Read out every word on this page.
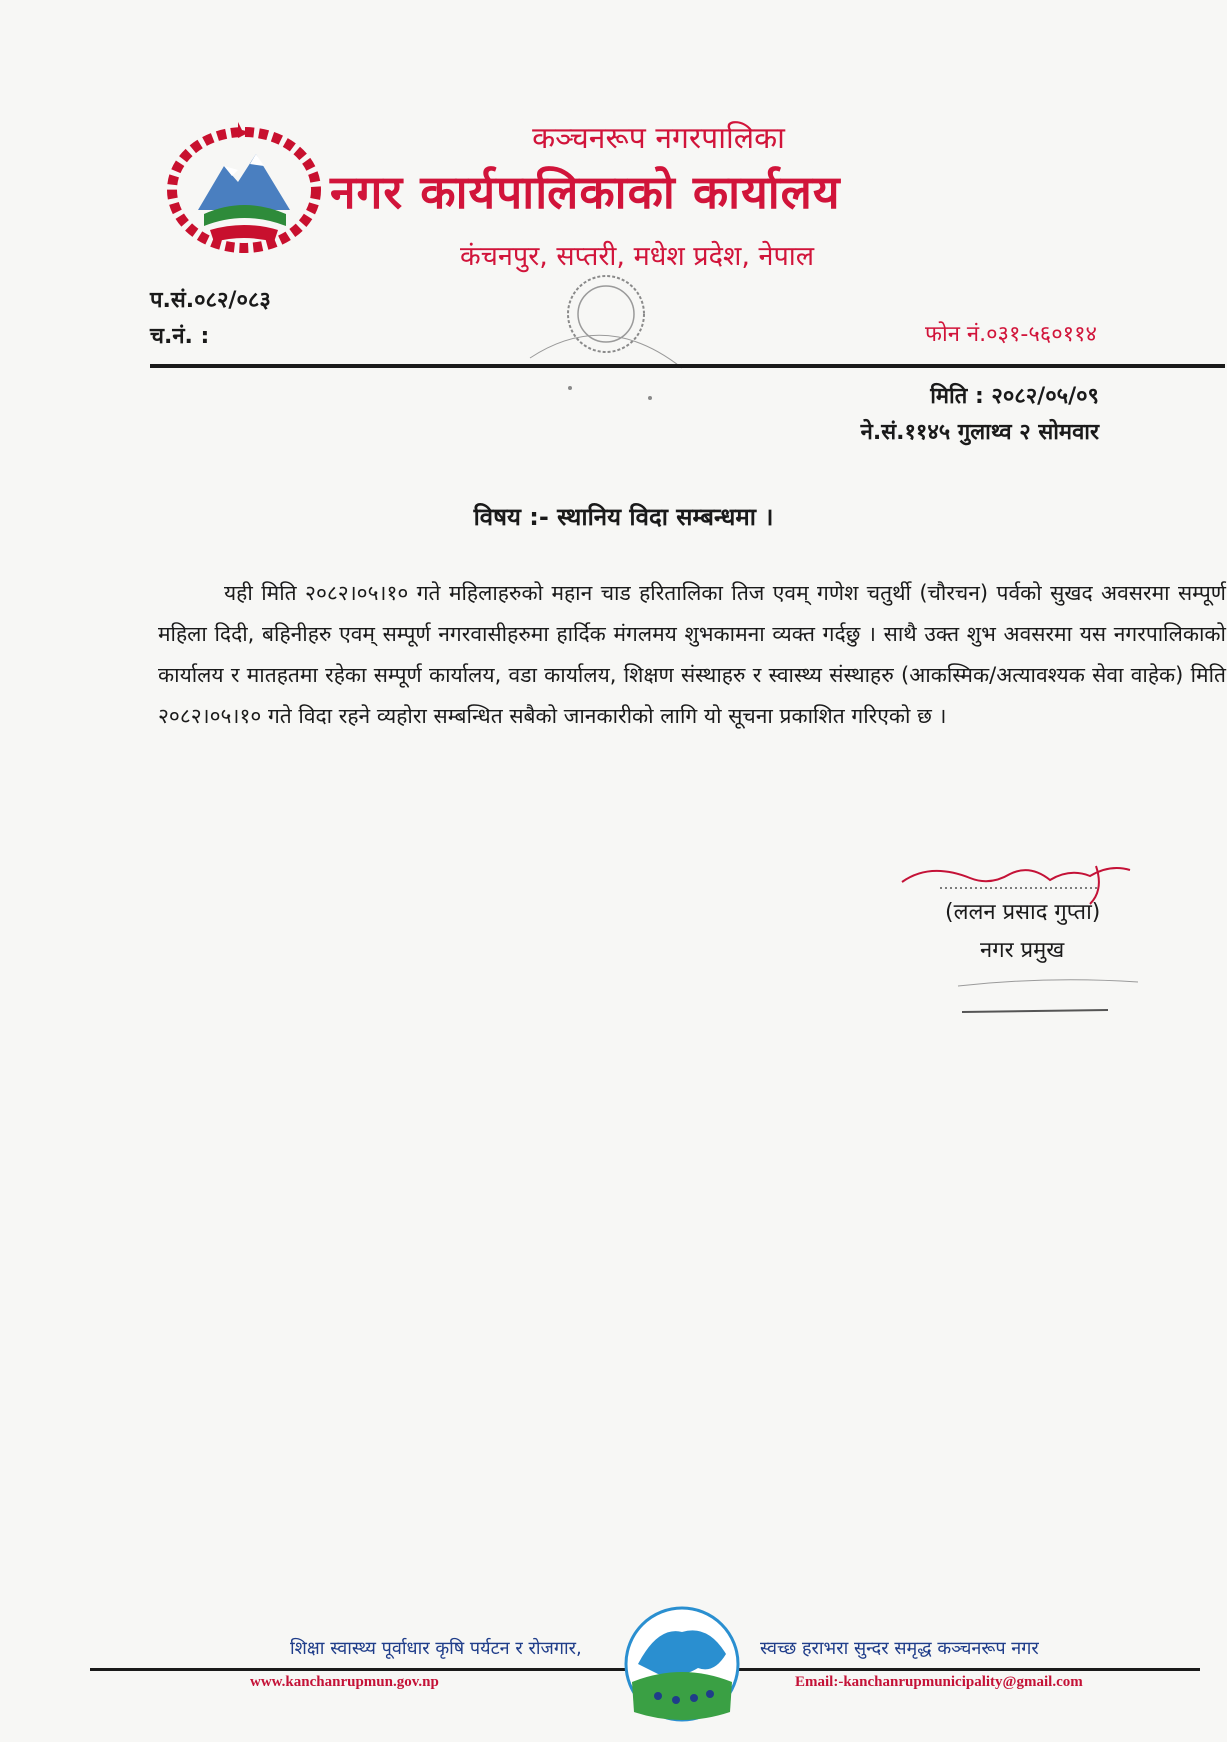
कञ्चनरूप नगरपालिका
नगर कार्यपालिकाको कार्यालय
कंचनपुर, सप्तरी, मधेश प्रदेश, नेपाल
प.सं.०८२/०८३
च.नं. :	फोन नं.०३१-५६०११४
मिति : २०८२/०५/०९
ने.सं.११४५ गुलाथ्व २ सोमवार
विषय :- स्थानिय विदा सम्बन्धमा ।

यही मिति २०८२।०५।१० गते महिलाहरुको महान चाड हरितालिका तिज एवम् गणेश चतुर्थी (चौरचन) पर्वको सुखद अवसरमा सम्पूर्ण महिला दिदी, बहिनीहरु एवम् सम्पूर्ण नगरवासीहरुमा हार्दिक मंगलमय शुभकामना व्यक्त गर्दछु । साथै उक्त शुभ अवसरमा यस नगरपालिकाको कार्यालय र मातहतमा रहेका सम्पूर्ण कार्यालय, वडा कार्यालय, शिक्षण संस्थाहरु र स्वास्थ्य संस्थाहरु (आकस्मिक/अत्यावश्यक सेवा वाहेक) मिति २०८२।०५।१० गते विदा रहने व्यहोरा सम्बन्धित सबैको जानकारीको लागि यो सूचना प्रकाशित गरिएको छ ।

(ललन प्रसाद गुप्ता)
नगर प्रमुख
शिक्षा स्वास्थ्य पूर्वाधार कृषि पर्यटन र रोजगार,	स्वच्छ हराभरा सुन्दर समृद्ध कञ्चनरूप नगर
www.kanchanrupmun.gov.np	Email:-kanchanrupmunicipality@gmail.com
